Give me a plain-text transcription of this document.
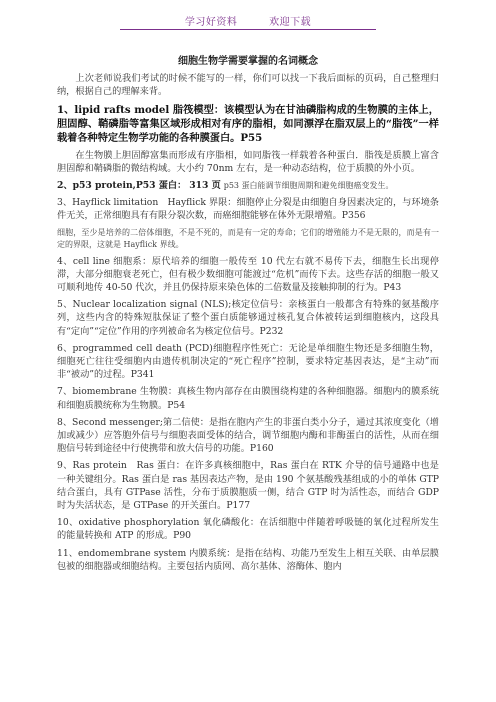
学习好资料	欢迎下载
细胞生物学需要掌握的名词概念

上次老师说我们考试的时候不能写的一样，你们可以找一下我后面标的页码，自己整理归纳，根据自己的理解来背。

1、lipid rafts model 脂筏模型：该模型认为在甘油磷脂构成的生物膜的主体上，胆固醇、鞘磷脂等富集区域形成相对有序的脂相，如同漂浮在脂双层上的“脂筏”一样载着各种特定生物学功能的各种膜蛋白。P55

在生物膜上胆固醇富集而形成有序脂相，如同脂筏一样载着各种蛋白．脂筏是质膜上富含胆固醇和鞘磷脂的微结构域。大小约 70nm 左右，是一种动态结构，位于质膜的外小页。

2、p53 protein,P53 蛋白： 313 页 p53 蛋白能调节细胞周期和避免细胞癌变发生。

3、Hayflick limitation　Hayflick 界限：细胞停止分裂是由细胞自身因素决定的，与环境条件无关，正常细胞具有有限分裂次数，而癌细胞能够在体外无限增殖。P356

细胞，至少是培养的二倍体细胞，不是不死的，而是有一定的寿命；它们的增殖能力不是无限的，而是有一定的界限，这就是 Hayflick 界线。

4、cell line 细胞系：原代培养的细胞一般传至 10 代左右就不易传下去，细胞生长出现停滞，大部分细胞衰老死亡，但有极少数细胞可能渡过“危机”而传下去。这些存活的细胞一般又可顺利地传 40-50 代次，并且仍保持原来染色体的二倍数量及接触抑制的行为。P43

5、Nuclear localization signal (NLS);核定位信号：亲核蛋白一般都含有特殊的氨基酸序列，这些内含的特殊短肽保证了整个蛋白质能够通过核孔复合体被转运到细胞核内，这段具有“定向”“定位”作用的序列被命名为核定位信号。P232

6、programmed cell death (PCD)细胞程序性死亡：无论是单细胞生物还是多细胞生物，细胞死亡往往受细胞内由遗传机制决定的“死亡程序”控制，要求特定基因表达，是“主动”而非“被动”的过程。P341

7、biomembrane 生物膜：真核生物内部存在由膜围绕构建的各种细胞器。细胞内的膜系统和细胞质膜统称为生物膜。P54

8、Second messenger;第二信使：是指在胞内产生的非蛋白类小分子，通过其浓度变化（增加或减少）应答胞外信号与细胞表面受体的结合，调节细胞内酶和非酶蛋白的活性，从而在细胞信号转到途径中行使携带和放大信号的功能。P160

9、Ras protein　Ras 蛋白：在许多真核细胞中，Ras 蛋白在 RTK 介导的信号通路中也是一种关键组分。Ras 蛋白是 ras 基因表达产物，是由 190 个氨基酸残基组成的小的单体 GTP 结合蛋白，具有 GTPase 活性，分布于质膜胞质一侧，结合 GTP 时为活性态，而结合 GDP 时为失活状态，是 GTPase 的开关蛋白。P177

10、oxidative phosphorylation 氧化磷酸化：在活细胞中伴随着呼吸链的氧化过程所发生的能量转换和 ATP 的形成。P90

11、endomembrane system 内膜系统：是指在结构、功能乃至发生上相互关联、由单层膜包被的细胞器或细胞结构。主要包括内质网、高尔基体、溶酶体、胞内
